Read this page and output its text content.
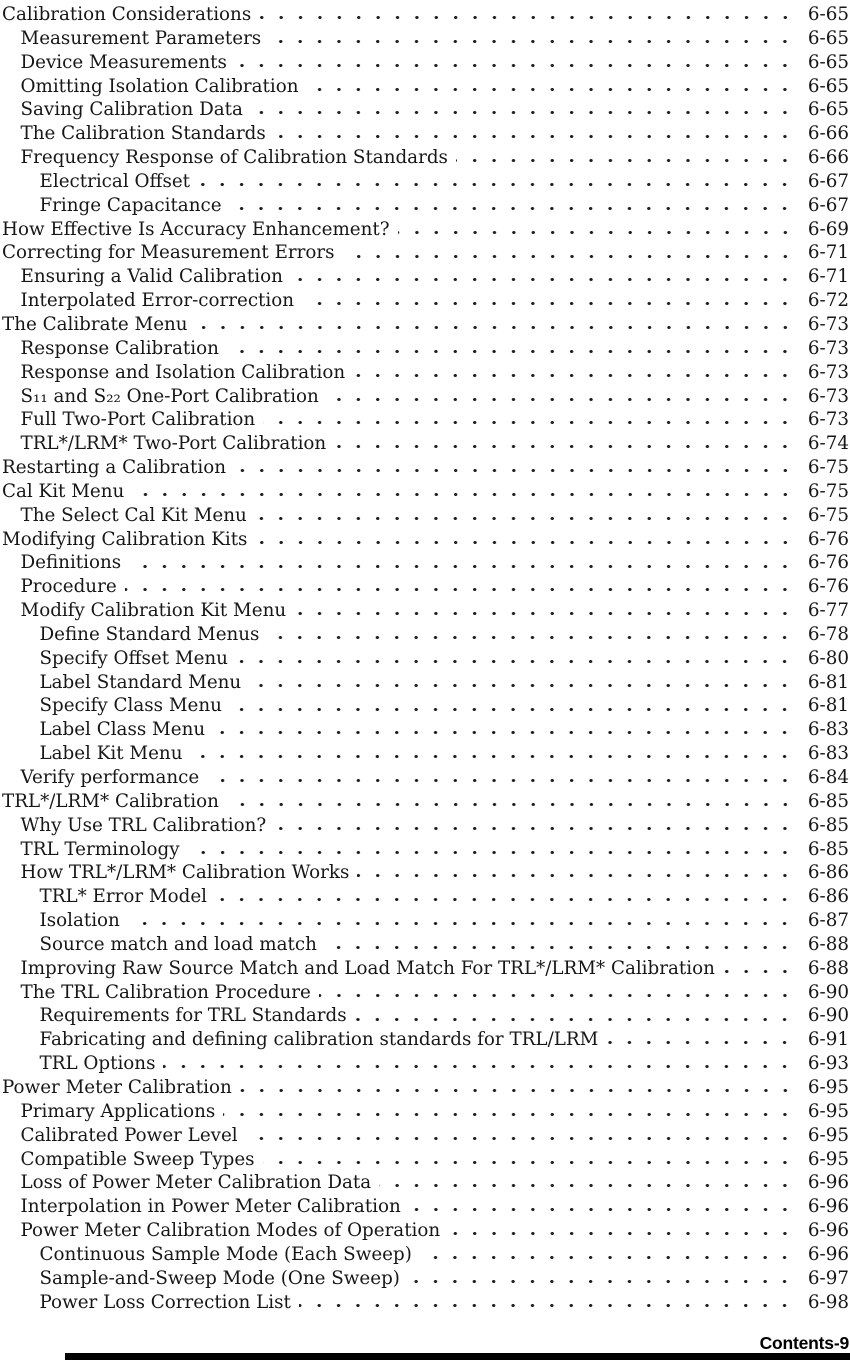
Calibration Considerations	6-65
Measurement Parameters	6-65
Device Measurements	6-65
Omitting Isolation Calibration	6-65
Saving Calibration Data	6-65
The Calibration Standards	6-66
Frequency Response of Calibration Standards	6-66
Electrical Offset	6-67
Fringe Capacitance	6-67
How Effective Is Accuracy Enhancement?	6-69
Correcting for Measurement Errors	6-71
Ensuring a Valid Calibration	6-71
Interpolated Error-correction	6-72
The Calibrate Menu	6-73
Response Calibration	6-73
Response and Isolation Calibration	6-73
S₁₁ and S₂₂ One-Port Calibration	6-73
Full Two-Port Calibration	6-73
TRL*/LRM* Two-Port Calibration	6-74
Restarting a Calibration	6-75
Cal Kit Menu	6-75
The Select Cal Kit Menu	6-75
Modifying Calibration Kits	6-76
Definitions	6-76
Procedure	6-76
Modify Calibration Kit Menu	6-77
Define Standard Menus	6-78
Specify Offset Menu	6-80
Label Standard Menu	6-81
Specify Class Menu	6-81
Label Class Menu	6-83
Label Kit Menu	6-83
Verify performance	6-84
TRL*/LRM* Calibration	6-85
Why Use TRL Calibration?	6-85
TRL Terminology	6-85
How TRL*/LRM* Calibration Works	6-86
TRL* Error Model	6-86
Isolation	6-87
Source match and load match	6-88
Improving Raw Source Match and Load Match For TRL*/LRM* Calibration	6-88
The TRL Calibration Procedure	6-90
Requirements for TRL Standards	6-90
Fabricating and defining calibration standards for TRL/LRM	6-91
TRL Options	6-93
Power Meter Calibration	6-95
Primary Applications	6-95
Calibrated Power Level	6-95
Compatible Sweep Types	6-95
Loss of Power Meter Calibration Data	6-96
Interpolation in Power Meter Calibration	6-96
Power Meter Calibration Modes of Operation	6-96
Continuous Sample Mode (Each Sweep)	6-96
Sample-and-Sweep Mode (One Sweep)	6-97
Power Loss Correction List	6-98
Contents-9
